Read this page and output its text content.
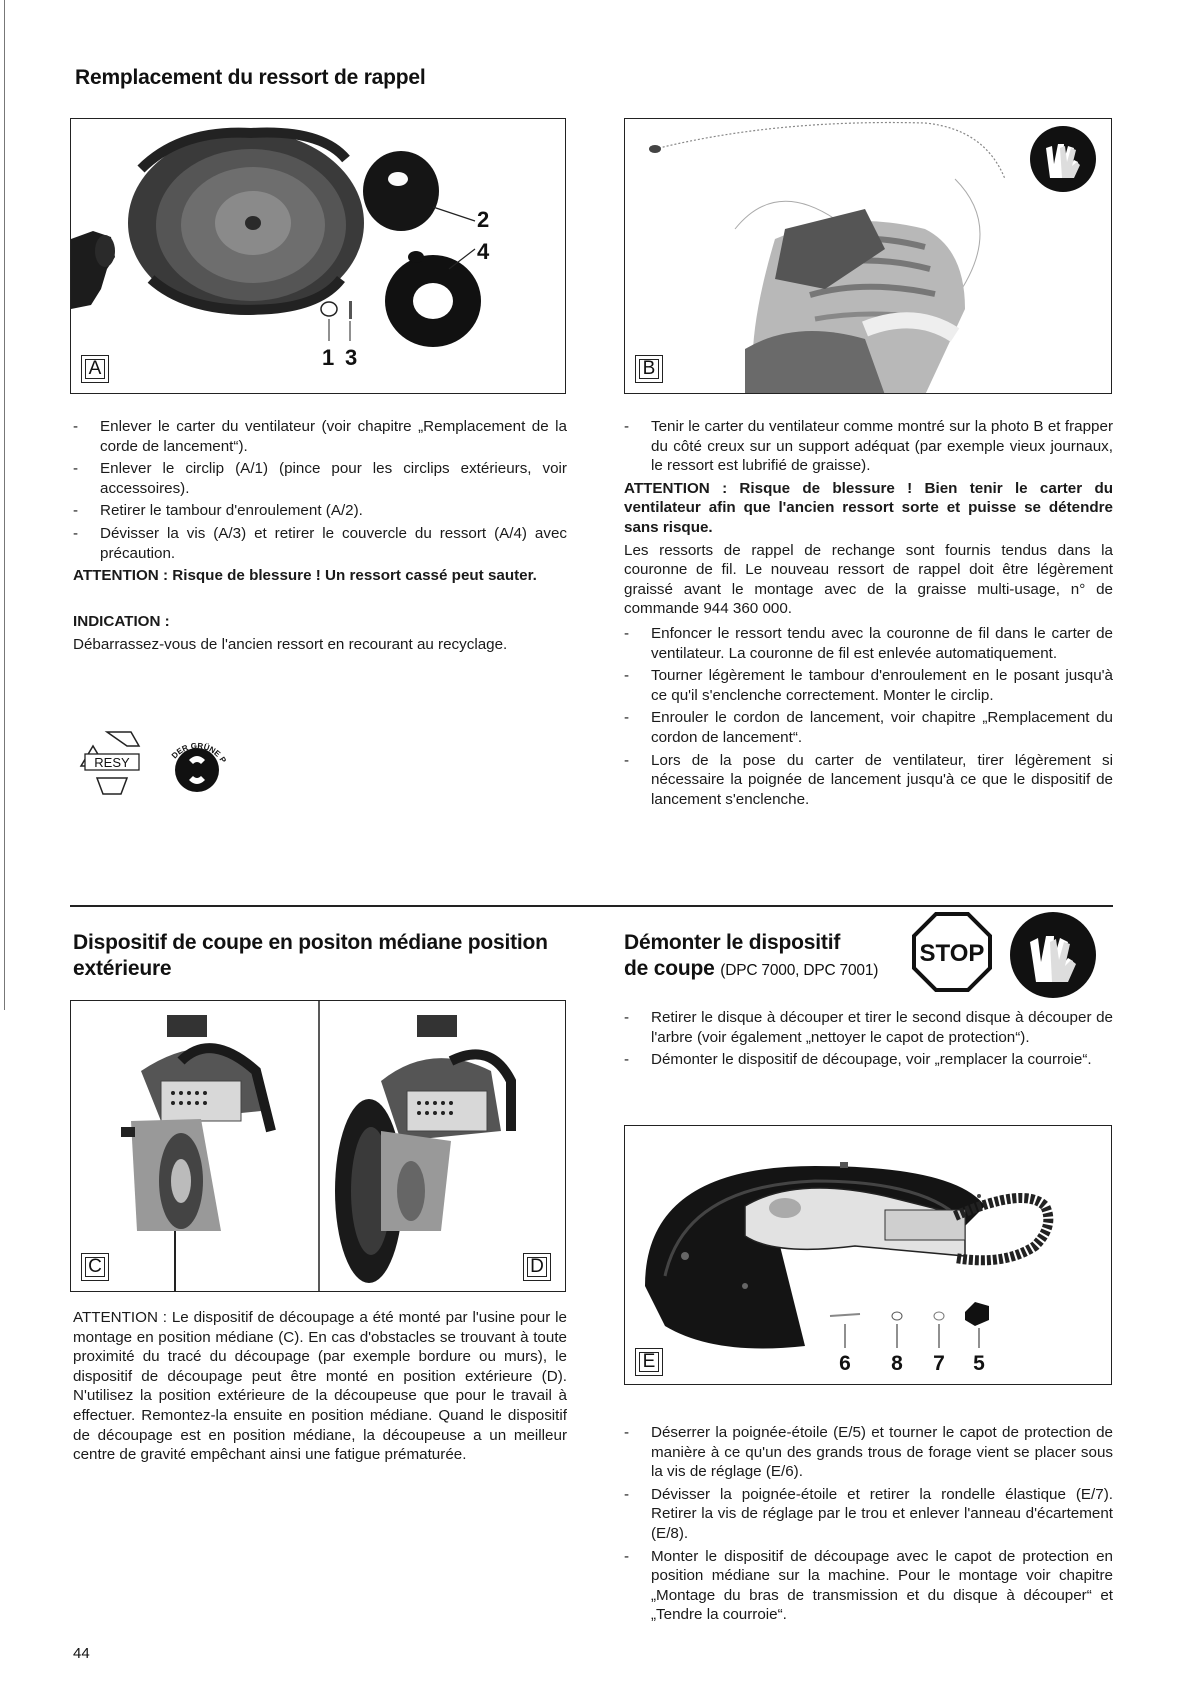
Remplacement du ressort de rappel
2
4
1 3
A	B
- Enlever le carter du ventilateur (voir chapitre „Remplacement de la corde de lancement“).
- Enlever le circlip (A/1) (pince pour les circlips extérieurs, voir accessoires).
- Retirer le tambour d'enroulement (A/2).
- Dévisser la vis (A/3) et retirer le couvercle du ressort (A/4) avec précaution.

ATTENTION : Risque de blessure ! Un ressort cassé peut sauter.

INDICATION :

Débarrassez-vous de l'ancien ressort en recourant au recyclage.

RESY	DER GRÜNE P
- Tenir le carter du ventilateur comme montré sur la photo B et frapper du côté creux sur un support adéquat (par exemple vieux journaux, le ressort est lubrifié de graisse).

ATTENTION : Risque de blessure ! Bien tenir le carter du ventilateur afin que l'ancien ressort sorte et puisse se détendre sans risque.

Les ressorts de rappel de rechange sont fournis tendus dans la couronne de fil. Le nouveau ressort de rappel doit être légèrement graissé avant le montage avec de la graisse multi-usage, n° de commande 944 360 000.

- Enfoncer le ressort tendu avec la couronne de fil dans le carter de ventilateur. La couronne de fil est enlevée automatiquement.
- Tourner légèrement le tambour d'enroulement en le posant jusqu'à ce qu'il s'enclenche correctement. Monter le circlip.
- Enrouler le cordon de lancement, voir chapitre „Remplacement du cordon de lancement“.
- Lors de la pose du carter de ventilateur, tirer légèrement si nécessaire la poignée de lancement jusqu'à ce que le dispositif de lancement s'enclenche.
Dispositif de coupe en positon médiane position extérieure
C	D

ATTENTION : Le dispositif de découpage a été monté par l'usine pour le montage en position médiane (C). En cas d'obstacles se trouvant à toute proximité du tracé du découpage (par exemple bordure ou murs), le dispositif de découpage peut être monté en position extérieure (D). N'utilisez la position extérieure de la découpeuse que pour le travail à effectuer. Remontez-la ensuite en position médiane. Quand le dispositif de découpage est en position médiane, la découpeuse a un meilleur centre de gravité empêchant ainsi une fatigue prématurée.

Démonter le dispositif
de coupe (DPC 7000, DPC 7001)
STOP
- Retirer le disque à découper et tirer le second disque à découper de l'arbre (voir également „nettoyer le capot de protection“).
- Démonter le dispositif de découpage, voir „remplacer la courroie“.
6 8 7 5
E
- Déserrer la poignée-étoile (E/5) et tourner le capot de protection de manière à ce qu'un des grands trous de forage vient se placer sous la vis de réglage (E/6).
- Dévisser la poignée-étoile et retirer la rondelle élastique (E/7). Retirer la vis de réglage par le trou et enlever l'anneau d'écartement (E/8).
- Monter le dispositif de découpage avec le capot de protection en position médiane sur la machine. Pour le montage voir chapitre „Montage du bras de transmission et du disque à découper“ et „Tendre la courroie“.
44
